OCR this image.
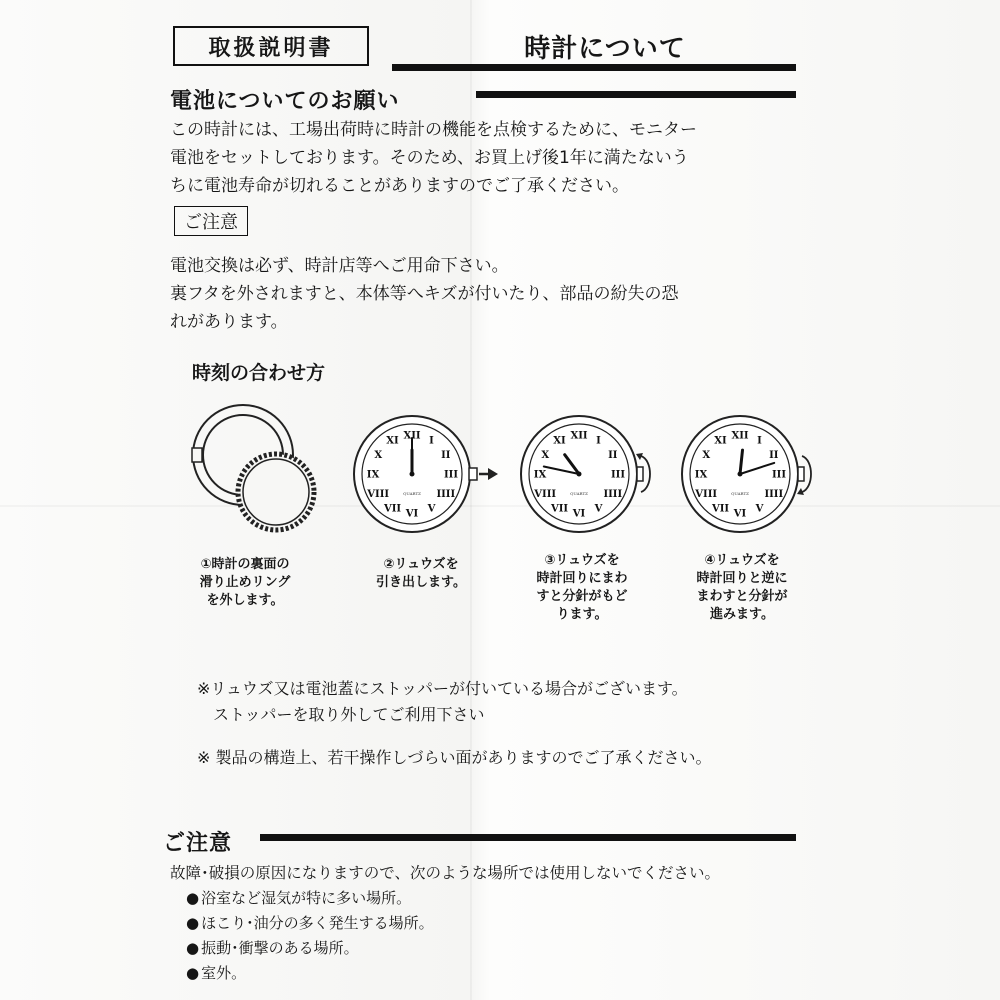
取扱説明書	時計について
電池についてのお願い
この時計には、工場出荷時に時計の機能を点検するために、モニター
電池をセットしております。そのため、お買上げ後1年に満たないう
ちに電池寿命が切れることがありますのでご了承ください。
ご注意
電池交換は必ず、時計店等へご用命下さい。
裏フタを外されますと、本体等へキズが付いたり、部品の紛失の恐
れがあります。
時刻の合わせ方
XII I
II
III
IIII
V
VI
VII
VIII
IX
X
XI
QUARTZ
XII I
II
III
IIII
V
VI
VII
VIII
IX
X
XI
QUARTZ
XII I
II
III
IIII
V
VI
VII
VIII
IX
X
XI
QUARTZ
①時計の裏面の
滑り止めリング
を外します。
②リュウズを
引き出します。
③リュウズを
時計回りにまわ
すと分針がもど
ります。
④リュウズを
時計回りと逆に
まわすと分針が
進みます。
※リュウズ又は電池蓋にストッパーが付いている場合がございます。
　ストッパーを取り外してご利用下さい
※ 製品の構造上、若干操作しづらい面がありますのでご了承ください。
ご注意
故障･破損の原因になりますので、次のような場所では使用しないでください。
● 浴室など湿気が特に多い場所。
● ほこり･油分の多く発生する場所。
● 振動･衝撃のある場所。
● 室外。
